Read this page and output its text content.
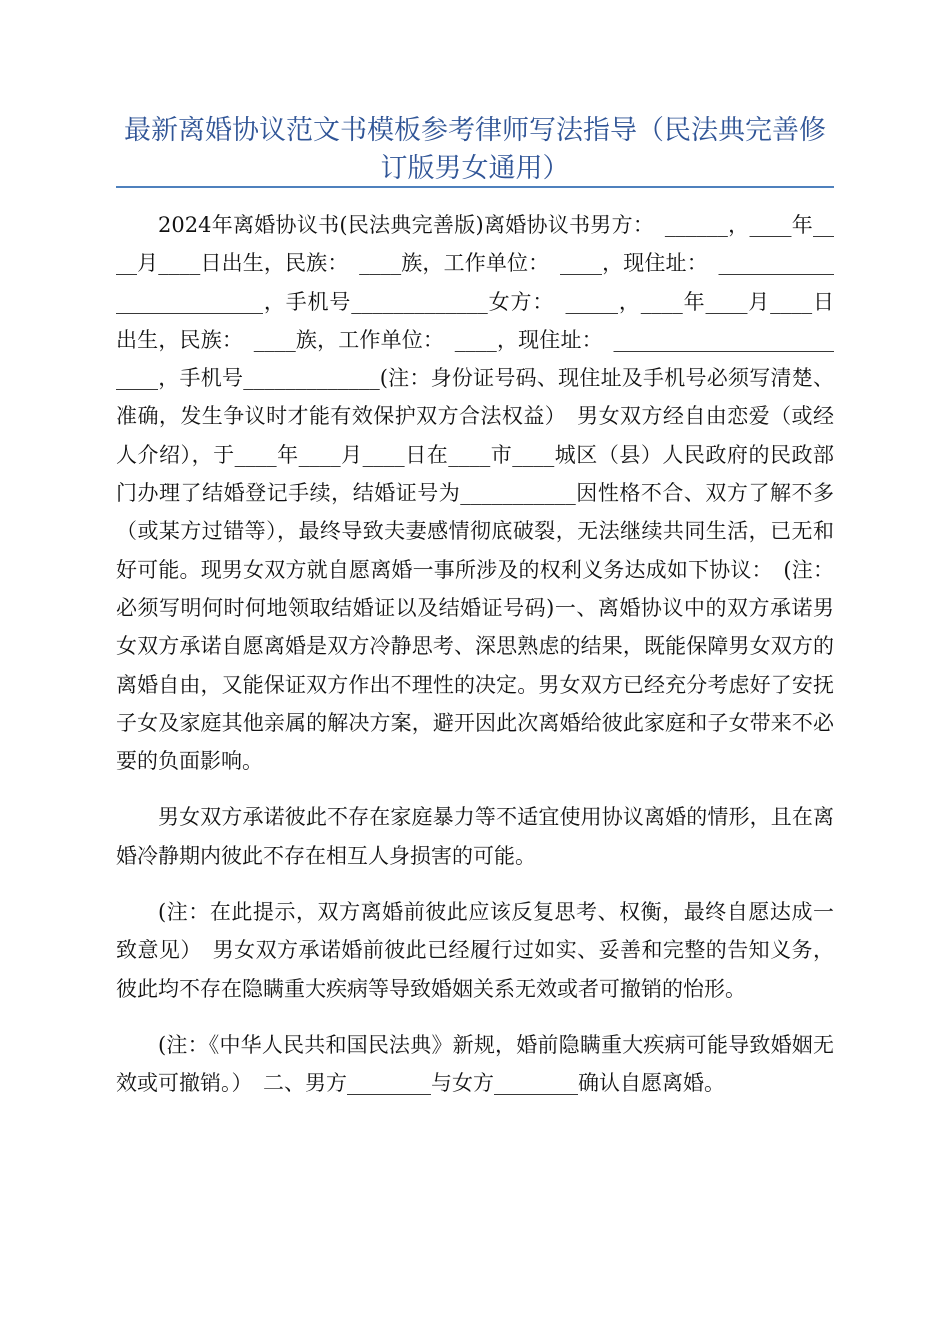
最新离婚协议范文书模板参考律师写法指导（民法典完善修订版男女通用）

2024年离婚协议书(民法典完善版)离婚协议书男方：　______，____年____月____日出生，民族：　____族，工作单位：　____，现住址：　_________________________，手机号_____________女方：　_____，____年____月____日出生，民族：　____族，工作单位：　____，现住址：　_________________________，手机号_____________(注：身份证号码、现住址及手机号必须写清楚、准确，发生争议时才能有效保护双方合法权益）　男女双方经自由恋爱（或经人介绍），于____年____月____日在____市____城区（县）人民政府的民政部门办理了结婚登记手续，结婚证号为___________因性格不合、双方了解不多（或某方过错等），最终导致夫妻感情彻底破裂，无法继续共同生活，已无和好可能。现男女双方就自愿离婚一事所涉及的权利义务达成如下协议：　(注：必须写明何时何地领取结婚证以及结婚证号码)一、离婚协议中的双方承诺男女双方承诺自愿离婚是双方冷静思考、深思熟虑的结果，既能保障男女双方的离婚自由，又能保证双方作出不理性的决定。男女双方已经充分考虑好了安抚子女及家庭其他亲属的解决方案，避开因此次离婚给彼此家庭和子女带来不必要的负面影响。

男女双方承诺彼此不存在家庭暴力等不适宜使用协议离婚的情形，且在离婚冷静期内彼此不存在相互人身损害的可能。

(注：在此提示，双方离婚前彼此应该反复思考、权衡，最终自愿达成一致意见）　男女双方承诺婚前彼此已经履行过如实、妥善和完整的告知义务，彼此均不存在隐瞒重大疾病等导致婚姻关系无效或者可撤销的怡形。

(注：《中华人民共和国民法典》新规，婚前隐瞒重大疾病可能导致婚姻无效或可撤销。）　二、男方________与女方________确认自愿离婚。
